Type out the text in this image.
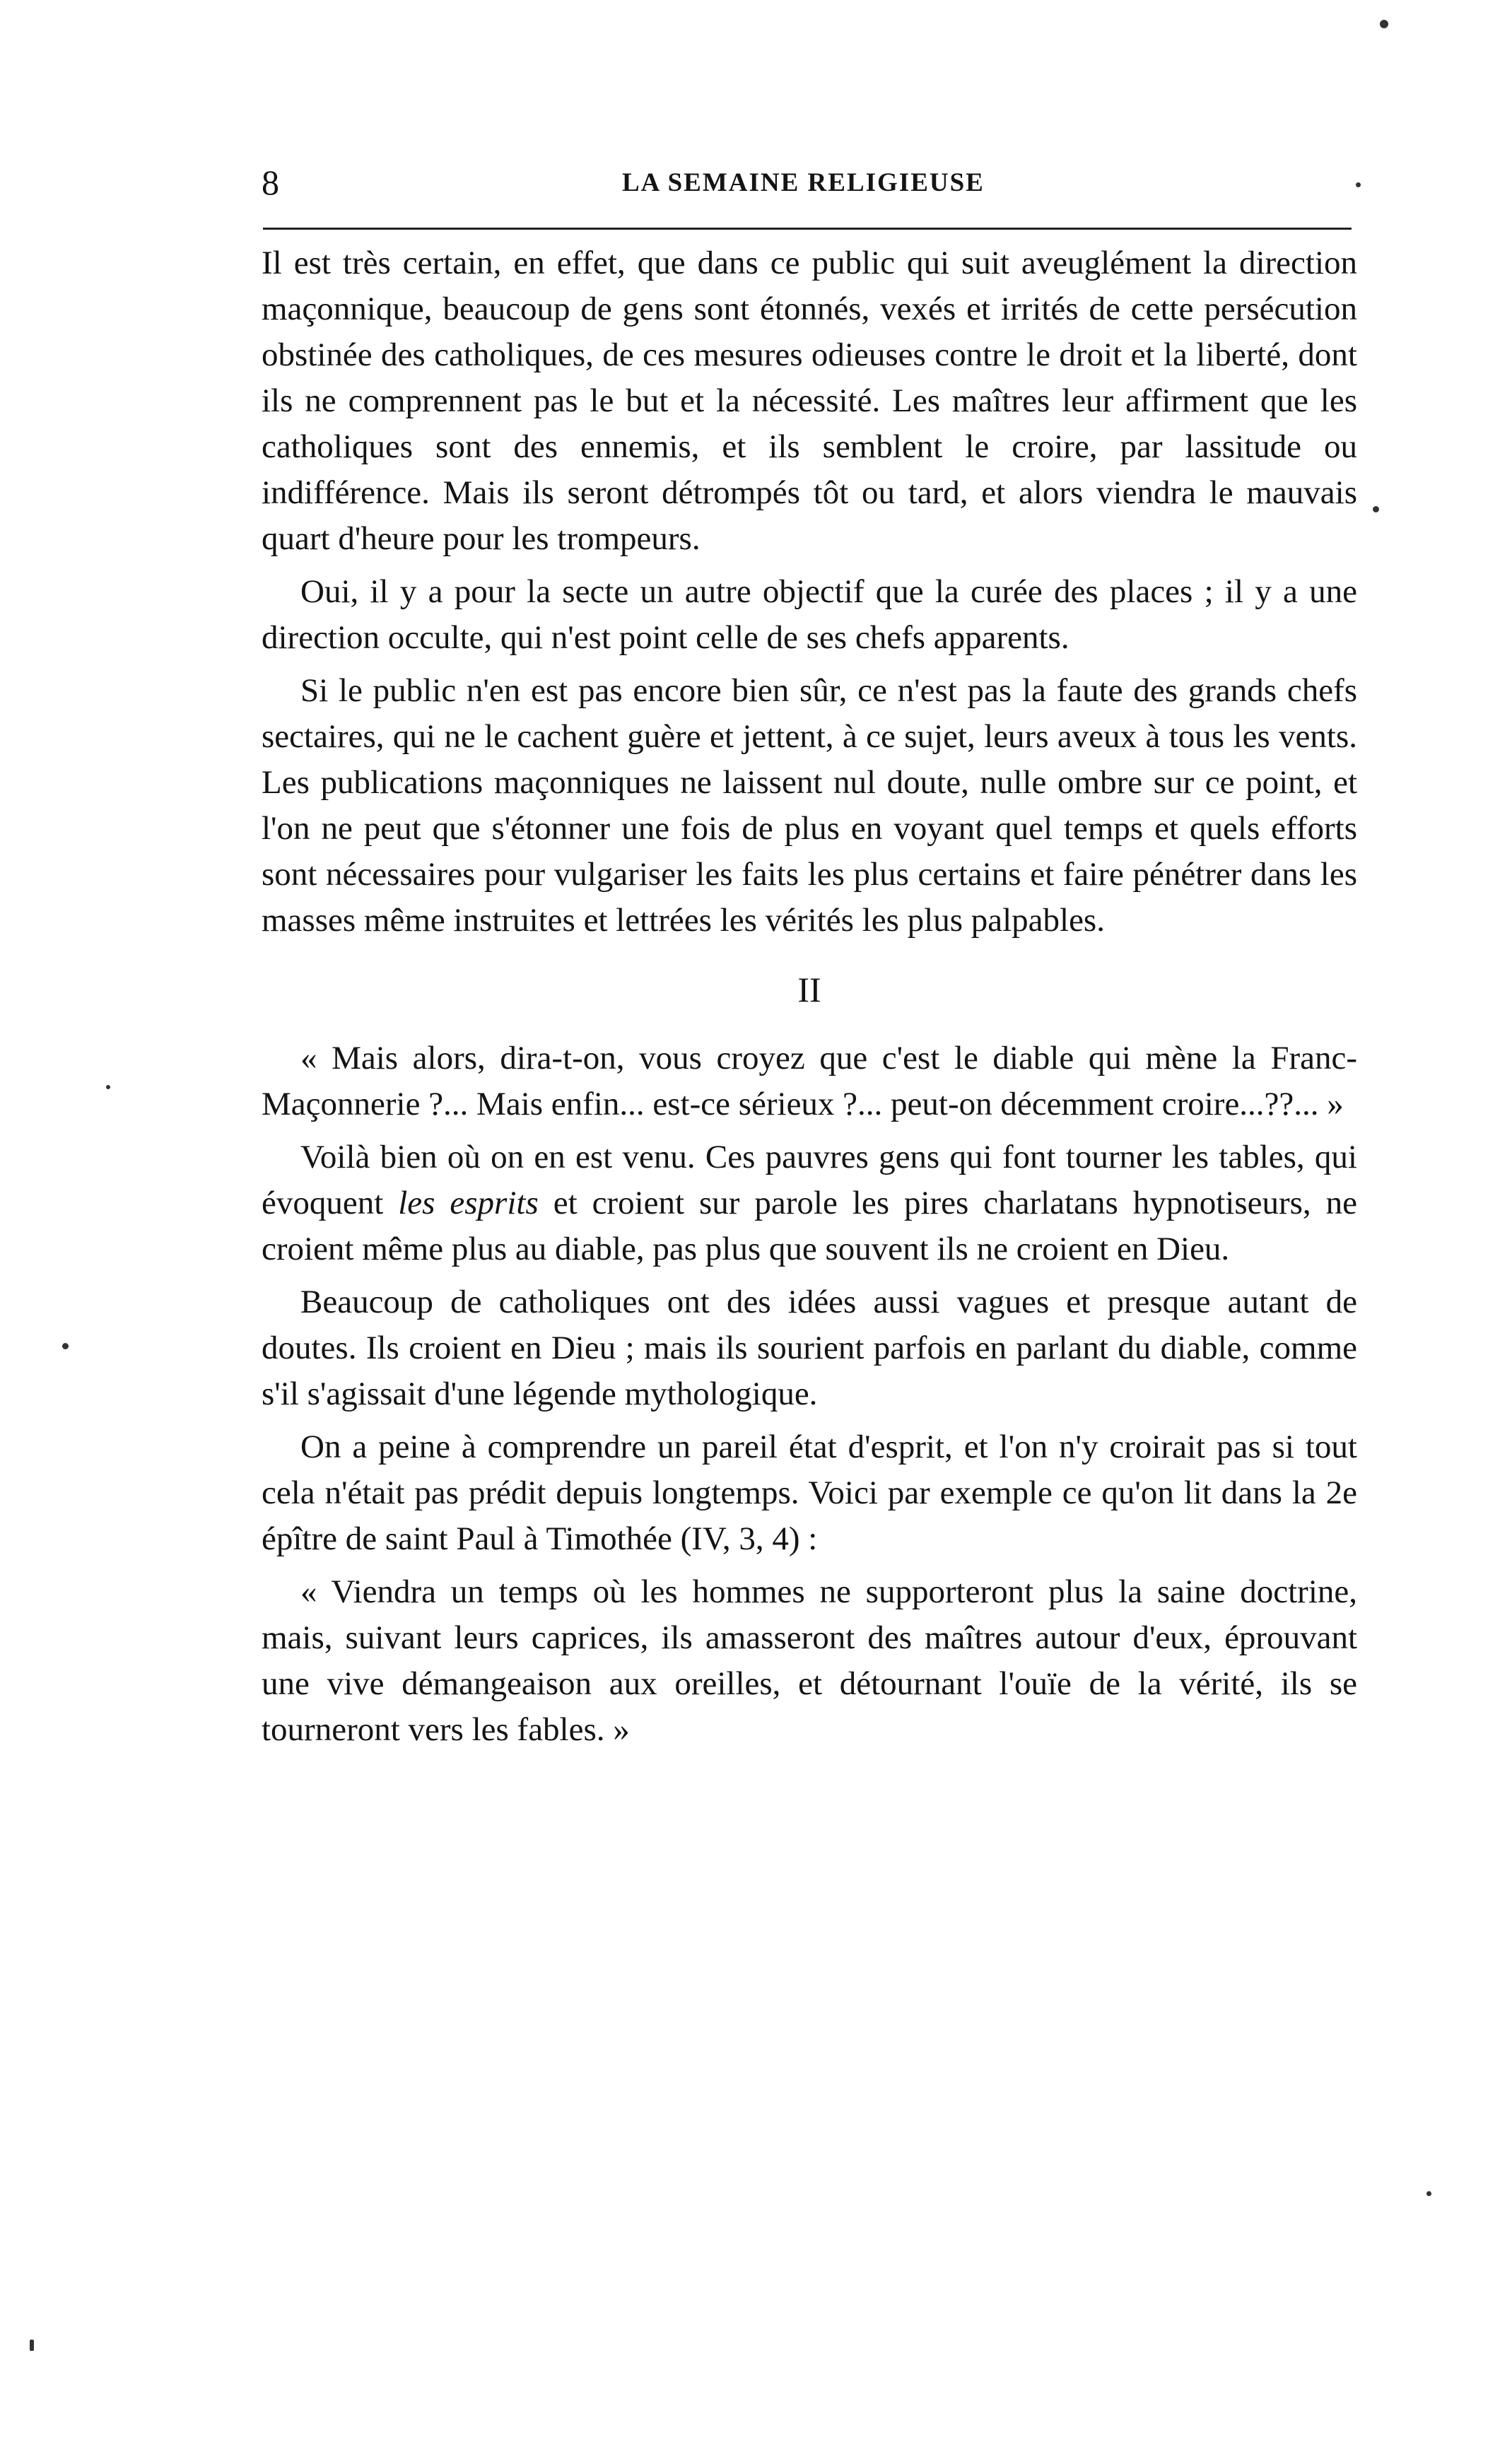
8	LA SEMAINE RELIGIEUSE

Il est très certain, en effet, que dans ce public qui suit aveuglément la direction maçonnique, beaucoup de gens sont étonnés, vexés et irrités de cette persécution obstinée des catholiques, de ces mesures odieuses contre le droit et la liberté, dont ils ne comprennent pas le but et la nécessité. Les maîtres leur affirment que les catholiques sont des ennemis, et ils semblent le croire, par lassitude ou indifférence. Mais ils seront détrompés tôt ou tard, et alors viendra le mauvais quart d'heure pour les trompeurs.

Oui, il y a pour la secte un autre objectif que la curée des places ; il y a une direction occulte, qui n'est point celle de ses chefs apparents.

Si le public n'en est pas encore bien sûr, ce n'est pas la faute des grands chefs sectaires, qui ne le cachent guère et jettent, à ce sujet, leurs aveux à tous les vents. Les publications maçonniques ne laissent nul doute, nulle ombre sur ce point, et l'on ne peut que s'étonner une fois de plus en voyant quel temps et quels efforts sont nécessaires pour vulgariser les faits les plus certains et faire pénétrer dans les masses même instruites et lettrées les vérités les plus palpables.

II

« Mais alors, dira-t-on, vous croyez que c'est le diable qui mène la Franc-Maçonnerie ?... Mais enfin... est-ce sérieux ?... peut-on décemment croire...??... »

Voilà bien où on en est venu. Ces pauvres gens qui font tourner les tables, qui évoquent les esprits et croient sur parole les pires charlatans hypnotiseurs, ne croient même plus au diable, pas plus que souvent ils ne croient en Dieu.

Beaucoup de catholiques ont des idées aussi vagues et presque autant de doutes. Ils croient en Dieu ; mais ils sourient parfois en parlant du diable, comme s'il s'agissait d'une légende mythologique.

On a peine à comprendre un pareil état d'esprit, et l'on n'y croirait pas si tout cela n'était pas prédit depuis longtemps. Voici par exemple ce qu'on lit dans la 2e épître de saint Paul à Timothée (IV, 3, 4) :

« Viendra un temps où les hommes ne supporteront plus la saine doctrine, mais, suivant leurs caprices, ils amasseront des maîtres autour d'eux, éprouvant une vive démangeaison aux oreilles, et détournant l'ouïe de la vérité, ils se tourneront vers les fables. »
